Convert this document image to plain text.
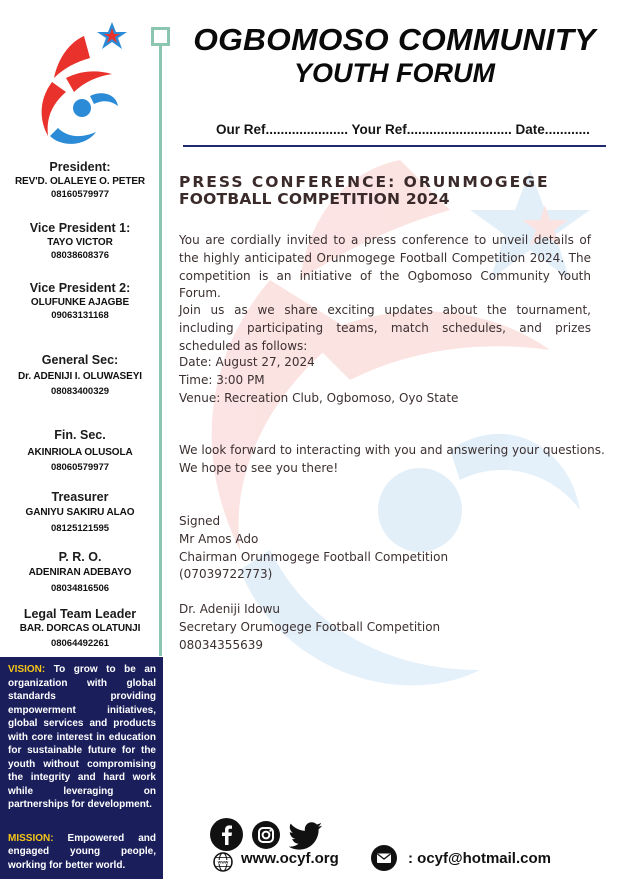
President:
REV'D. OLALEYE O. PETER
08160579977
Vice President 1:
TAYO VICTOR
08038608376
Vice President 2:
OLUFUNKE AJAGBE
09063131168
General Sec:
Dr. ADENIJI I. OLUWASEYI
08083400329
Fin. Sec.
AKINRIOLA OLUSOLA
08060579977
Treasurer
GANIYU SAKIRU ALAO
08125121595
P. R. O.
ADENIRAN ADEBAYO
08034816506
Legal Team Leader
BAR. DORCAS OLATUNJI
08064492261

VISION: To grow to be an organization with global standards providing empowerment initiatives, global services and products with core interest in education for sustainable future for the youth without compromising the integrity and hard work while leveraging on partnerships for development.

MISSION: Empowered and engaged young people, working for better world.

OGBOMOSO COMMUNITY
YOUTH FORUM
Our Ref...................... Your Ref............................ Date............
PRESS CONFERENCE: ORUNMOGEGE
FOOTBALL COMPETITION 2024
You are cordially invited to a press conference to unveil details of the highly anticipated Orunmogege Football Competition 2024. The competition is an initiative of the Ogbomoso Community Youth Forum.
Join us as we share exciting updates about the tournament, including participating teams, match schedules, and prizes scheduled as follows:
Date: August 27, 2024
Time: 3:00 PM
Venue: Recreation Club, Ogbomoso, Oyo State
We look forward to interacting with you and answering your questions.
We hope to see you there!
Signed
Mr Amos Ado
Chairman Orunmogege Football Competition
(07039722773)
Dr. Adeniji Idowu
Secretary Orumogege Football Competition
08034355639
WWW www.ocyf.org	: ocyf@hotmail.com
